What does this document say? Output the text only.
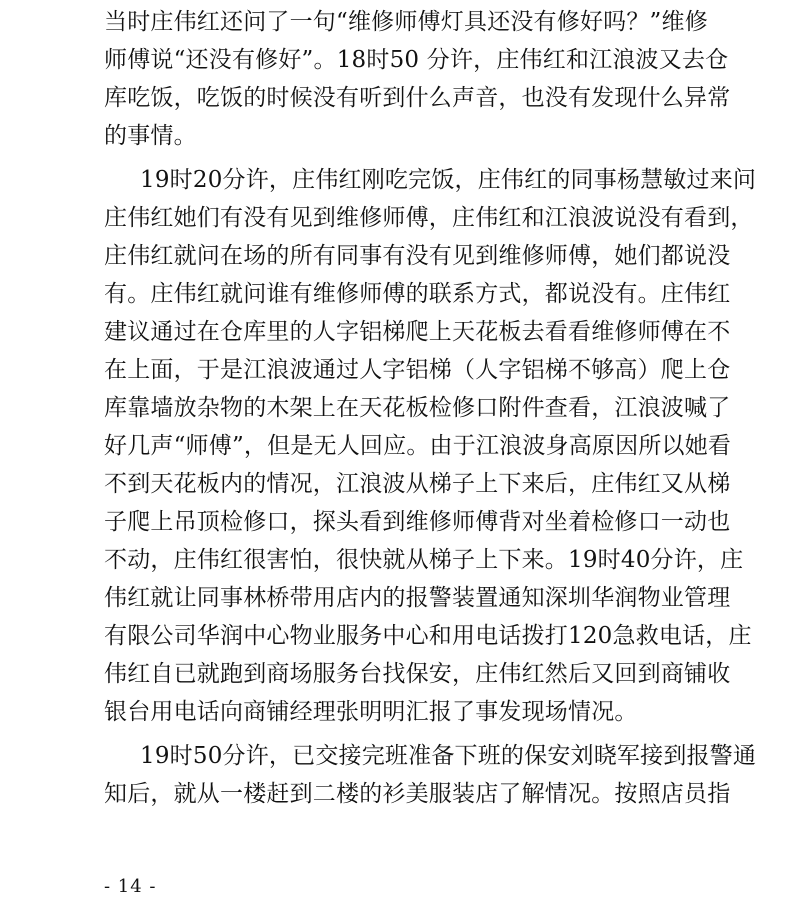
当时庄伟红还问了一句“维修师傅灯具还没有修好吗？”维修
师傅说“还没有修好”。18时50 分许，庄伟红和江浪波又去仓
库吃饭，吃饭的时候没有听到什么声音，也没有发现什么异常
的事情。
19时20分许，庄伟红刚吃完饭，庄伟红的同事杨慧敏过来问
庄伟红她们有没有见到维修师傅，庄伟红和江浪波说没有看到，
庄伟红就问在场的所有同事有没有见到维修师傅，她们都说没
有。庄伟红就问谁有维修师傅的联系方式，都说没有。庄伟红
建议通过在仓库里的人字铝梯爬上天花板去看看维修师傅在不
在上面，于是江浪波通过人字铝梯（人字铝梯不够高）爬上仓
库靠墙放杂物的木架上在天花板检修口附件查看，江浪波喊了
好几声“师傅”，但是无人回应。由于江浪波身高原因所以她看
不到天花板内的情况，江浪波从梯子上下来后，庄伟红又从梯
子爬上吊顶检修口，探头看到维修师傅背对坐着检修口一动也
不动，庄伟红很害怕，很快就从梯子上下来。19时40分许，庄
伟红就让同事林桥带用店内的报警装置通知深圳华润物业管理
有限公司华润中心物业服务中心和用电话拨打120急救电话，庄
伟红自已就跑到商场服务台找保安，庄伟红然后又回到商铺收
银台用电话向商铺经理张明明汇报了事发现场情况。
19时50分许，已交接完班准备下班的保安刘晓军接到报警通
知后，就从一楼赶到二楼的衫美服装店了解情况。按照店员指
- 14 -
